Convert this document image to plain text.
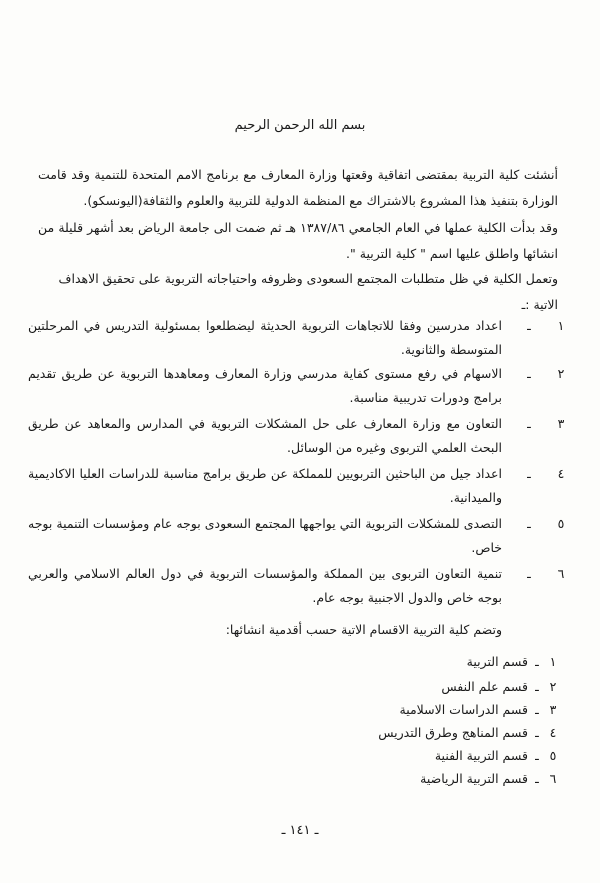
بسم الله الرحمن الرحيم
أنشئت كلية التربية بمقتضى اتفاقية وقعتها وزارة المعارف مع برنامج الامم المتحدة للتنمية وقد قامت الوزارة بتنفيذ هذا المشروع بالاشتراك مع المنظمة الدولية للتربية والعلوم والثقافة(اليونسكو).
وقد بدأت الكلية عملها في العام الجامعي ١٣٨٧/٨٦ هـ ثم ضمت الى جامعة الرياض بعد أشهر قليلة من انشائها واطلق عليها اسم " كلية التربية ".
وتعمل الكلية في ظل متطلبات المجتمع السعودى وظروفه واحتياجاته التربوية على تحقيق الاهداف
الاتية :ـ
١
ـ
اعداد مدرسين وفقا للاتجاهات التربوية الحديثة ليضطلعوا بمسئولية التدريس في المرحلتين المتوسطة والثانوية.
٢
ـ
الاسهام في رفع مستوى كفاية مدرسي وزارة المعارف ومعاهدها التربوية عن طريق تقديم برامج ودورات تدريبية مناسبة.
٣
ـ
التعاون مع وزارة المعارف على حل المشكلات التربوية في المدارس والمعاهد عن طريق البحث العلمي التربوى وغيره من الوسائل.
٤
ـ
اعداد جيل من الباحثين التربويين للمملكة عن طريق برامج مناسبة للدراسات العليا الاكاديمية والميدانية.
٥
ـ
التصدى للمشكلات التربوية التي يواجهها المجتمع السعودى بوجه عام ومؤسسات التنمية بوجه خاص.
٦
ـ
تنمية التعاون التربوى بين المملكة والمؤسسات التربوية في دول العالم الاسلامي والعربي بوجه خاص والدول الاجنبية بوجه عام.
وتضم كلية التربية الاقسام الاتية حسب أقدمية انشائها:
١ـقسم التربية
٢ـقسم علم النفس
٣ـقسم الدراسات الاسلامية
٤ـقسم المناهج وطرق التدريس
٥ـقسم التربية الفنية
٦ـقسم التربية الرياضية
ـ ١٤١ ـ
